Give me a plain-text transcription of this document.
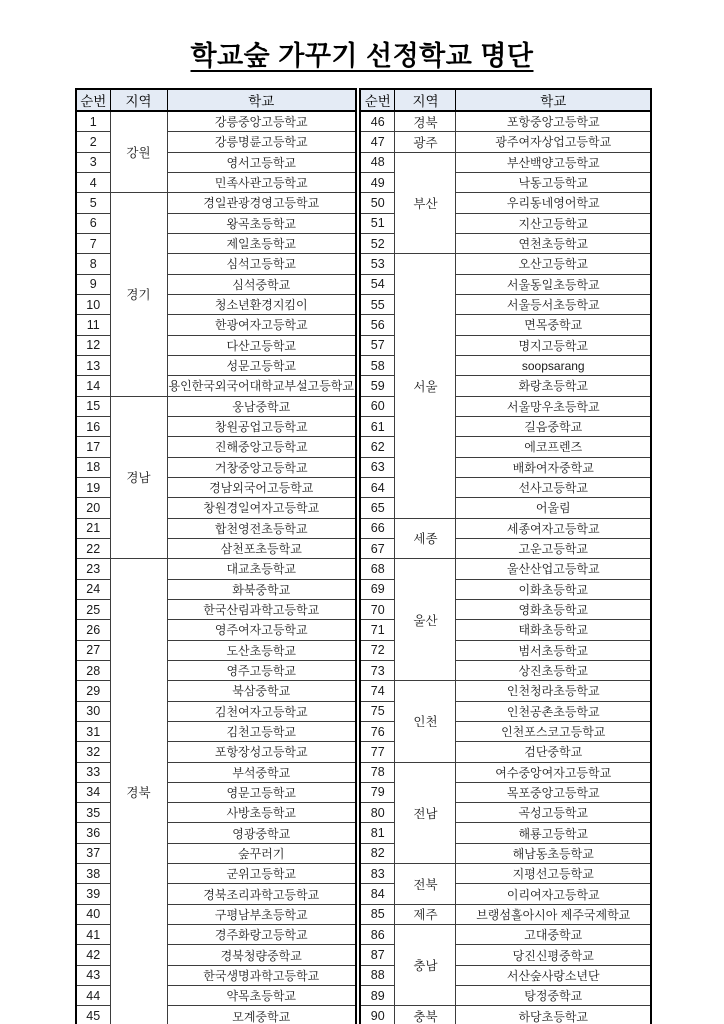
학교숲 가꾸기 선정학교 명단
순번	지역	학교
1	강원	강릉중앙고등학교
2		강릉명륜고등학교
3		영서고등학교
4		민족사관고등학교
5	경기	경일관광경영고등학교
6		왕곡초등학교
7		제일초등학교
8		심석고등학교
9		심석중학교
10		청소년환경지킴이
11		한광여자고등학교
12		다산고등학교
13		성문고등학교
14		용인한국외국어대학교부설고등학교
15	경남	웅남중학교
16		창원공업고등학교
17		진해중앙고등학교
18		거창중앙고등학교
19		경남외국어고등학교
20		창원경일여자고등학교
21		합천영전초등학교
22		삼천포초등학교
23	경북	대교초등학교
24		화북중학교
25		한국산림과학고등학교
26		영주여자고등학교
27		도산초등학교
28		영주고등학교
29		북삼중학교
30		김천여자고등학교
31		김천고등학교
32		포항장성고등학교
33		부석중학교
34		영문고등학교
35		사방초등학교
36		영광중학교
37		숲꾸러기
38		군위고등학교
39		경북조리과학고등학교
40		구평남부초등학교
41		경주화랑고등학교
42		경북청량중학교
43		한국생명과학고등학교
44		약목초등학교
45		모계중학교
순번	지역	학교
46	경북	포항중앙고등학교
47	광주	광주여자상업고등학교
48	부산	부산백양고등학교
49		낙동고등학교
50		우리동네영어학교
51		지산고등학교
52		연천초등학교
53	서울	오산고등학교
54		서울동일초등학교
55		서울등서초등학교
56		면목중학교
57		명지고등학교
58		soopsarang
59		화랑초등학교
60		서울망우초등학교
61		길음중학교
62		에코프렌즈
63		배화여자중학교
64		선사고등학교
65		어울림
66	세종	세종여자고등학교
67		고운고등학교
68	울산	울산산업고등학교
69		이화초등학교
70		영화초등학교
71		태화초등학교
72		범서초등학교
73		상진초등학교
74	인천	인천청라초등학교
75		인천공촌초등학교
76		인천포스코고등학교
77		검단중학교
78	전남	여수중앙여자고등학교
79		목포중앙고등학교
80		곡성고등학교
81		해룡고등학교
82		해남동초등학교
83	전북	지평선고등학교
84		이리여자고등학교
85	제주	브랭섬홀아시아 제주국제학교
86	충남	고대중학교
87		당진신평중학교
88		서산숲사랑소년단
89		탕정중학교
90	충북	하당초등학교
